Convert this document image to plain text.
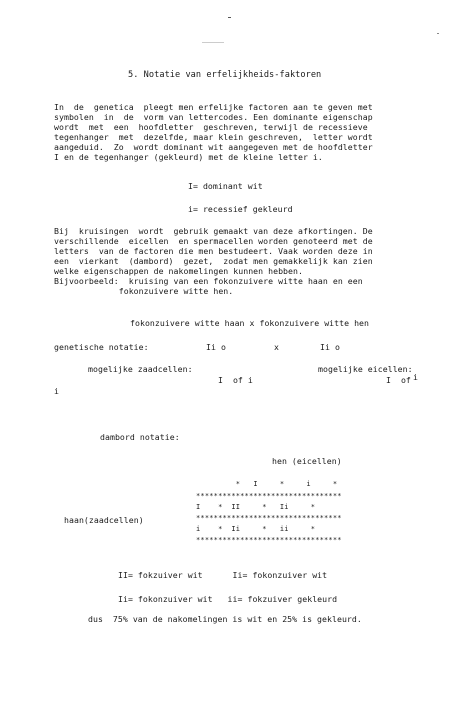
5. Notatie van erfelijkheids-faktoren
In  de  genetica  pleegt men erfelijke factoren aan te geven met
symbolen  in  de  vorm van lettercodes. Een dominante eigenschap
wordt  met  een  hoofdletter  geschreven, terwijl de recessieve
tegenhanger  met  dezelfde, maar klein geschreven,  letter wordt
aangeduid.  Zo  wordt dominant wit aangegeven met de hoofdletter
I en de tegenhanger (gekleurd) met de kleine letter i.
I= dominant wit
i= recessief gekleurd
Bij  kruisingen  wordt  gebruik gemaakt van deze afkortingen. De
verschillende  eicellen  en spermacellen worden genoteerd met de
letters  van de factoren die men bestudeert. Vaak worden deze in
een  vierkant  (dambord)  gezet,  zodat men gemakkelijk kan zien
welke eigenschappen de nakomelingen kunnen hebben.
Bijvoorbeeld:  kruising van een fokonzuivere witte haan en een
fokonzuivere witte hen.
fokonzuivere witte haan x fokonzuivere witte hen
genetische notatie:	Ii o	x	Ii o
mogelijke zaadcellen:
I  of i
mogelijke eicellen:
I  of i
i
dambord notatie:
hen (eicellen)
*   I     *     i     *
*********************************
I    *  II     *   Ii     *
*********************************
i    *  Ii     *   ii     *
*********************************
haan(zaadcellen)
II= fokzuiver wit      Ii= fokonzuiver wit
Ii= fokonzuiver wit   ii= fokzuiver gekleurd
dus  75% van de nakomelingen is wit en 25% is gekleurd.
